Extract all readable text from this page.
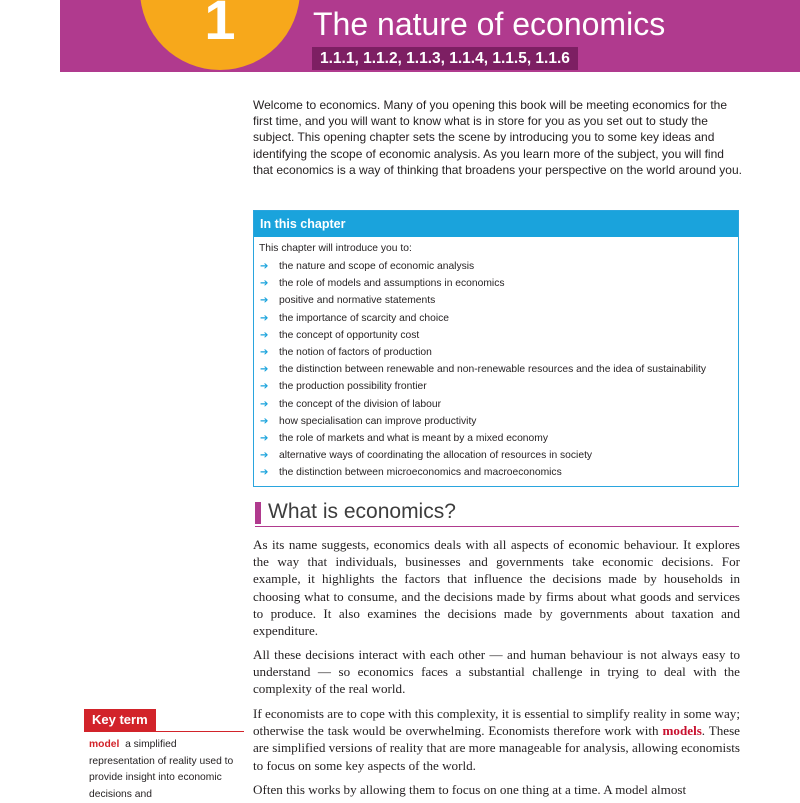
1	The nature of economics
1.1.1, 1.1.2, 1.1.3, 1.1.4, 1.1.5, 1.1.6

Welcome to economics. Many of you opening this book will be meeting economics for the first time, and you will want to know what is in store for you as you set out to study the subject. This opening chapter sets the scene by introducing you to some key ideas and identifying the scope of economic analysis. As you learn more of the subject, you will find that economics is a way of thinking that broadens your perspective on the world around you.

In this chapter

This chapter will introduce you to:

➔ the nature and scope of economic analysis
➔ the role of models and assumptions in economics
➔ positive and normative statements
➔ the importance of scarcity and choice
➔ the concept of opportunity cost
➔ the notion of factors of production
➔ the distinction between renewable and non-renewable resources and the idea of sustainability
➔ the production possibility frontier
➔ the concept of the division of labour
➔ how specialisation can improve productivity
➔ the role of markets and what is meant by a mixed economy
➔ alternative ways of coordinating the allocation of resources in society
➔ the distinction between microeconomics and macroeconomics
What is economics?

As its name suggests, economics deals with all aspects of economic behaviour. It explores the way that individuals, businesses and governments take economic decisions. For example, it highlights the factors that influence the decisions made by households in choosing what to consume, and the decisions made by firms about what goods and services to produce. It also examines the decisions made by governments about taxation and expenditure.

All these decisions interact with each other — and human behaviour is not always easy to understand — so economics faces a substantial challenge in trying to deal with the complexity of the real world.

If economists are to cope with this complexity, it is essential to simplify reality in some way; otherwise the task would be overwhelming. Economists therefore work with models. These are simplified versions of reality that are more manageable for analysis, allowing economists to focus on some key aspects of the world.

Often this works by allowing them to focus on one thing at a time. A model almost

Key term

model a simplified representation of reality used to provide insight into economic decisions and
